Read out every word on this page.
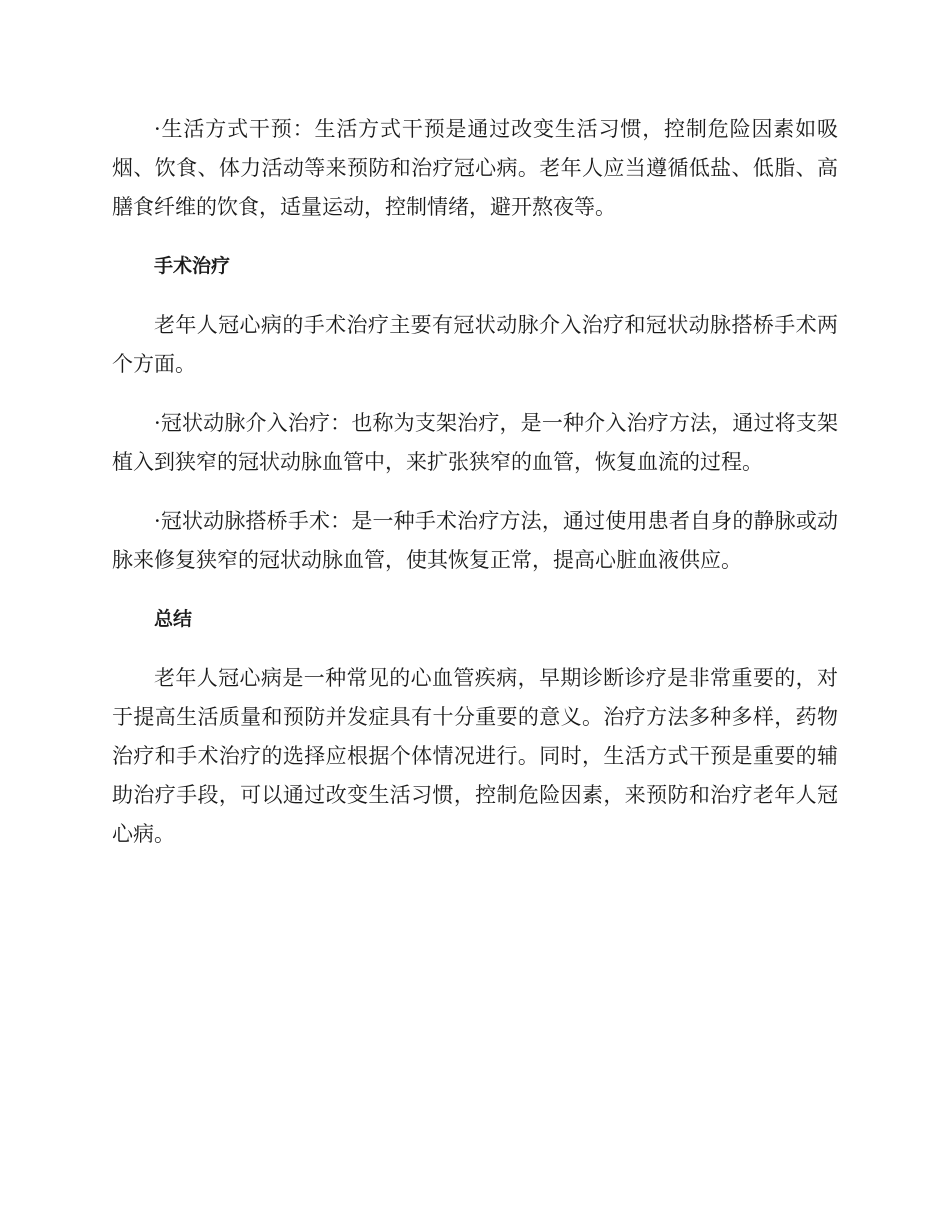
·生活方式干预：生活方式干预是通过改变生活习惯，控制危险因素如吸烟、饮食、体力活动等来预防和治疗冠心病。老年人应当遵循低盐、低脂、高膳食纤维的饮食，适量运动，控制情绪，避开熬夜等。

手术治疗

老年人冠心病的手术治疗主要有冠状动脉介入治疗和冠状动脉搭桥手术两个方面。

·冠状动脉介入治疗：也称为支架治疗，是一种介入治疗方法，通过将支架植入到狭窄的冠状动脉血管中，来扩张狭窄的血管，恢复血流的过程。

·冠状动脉搭桥手术：是一种手术治疗方法，通过使用患者自身的静脉或动脉来修复狭窄的冠状动脉血管，使其恢复正常，提高心脏血液供应。

总结

老年人冠心病是一种常见的心血管疾病，早期诊断诊疗是非常重要的，对于提高生活质量和预防并发症具有十分重要的意义。治疗方法多种多样，药物治疗和手术治疗的选择应根据个体情况进行。同时，生活方式干预是重要的辅助治疗手段，可以通过改变生活习惯，控制危险因素，来预防和治疗老年人冠心病。
